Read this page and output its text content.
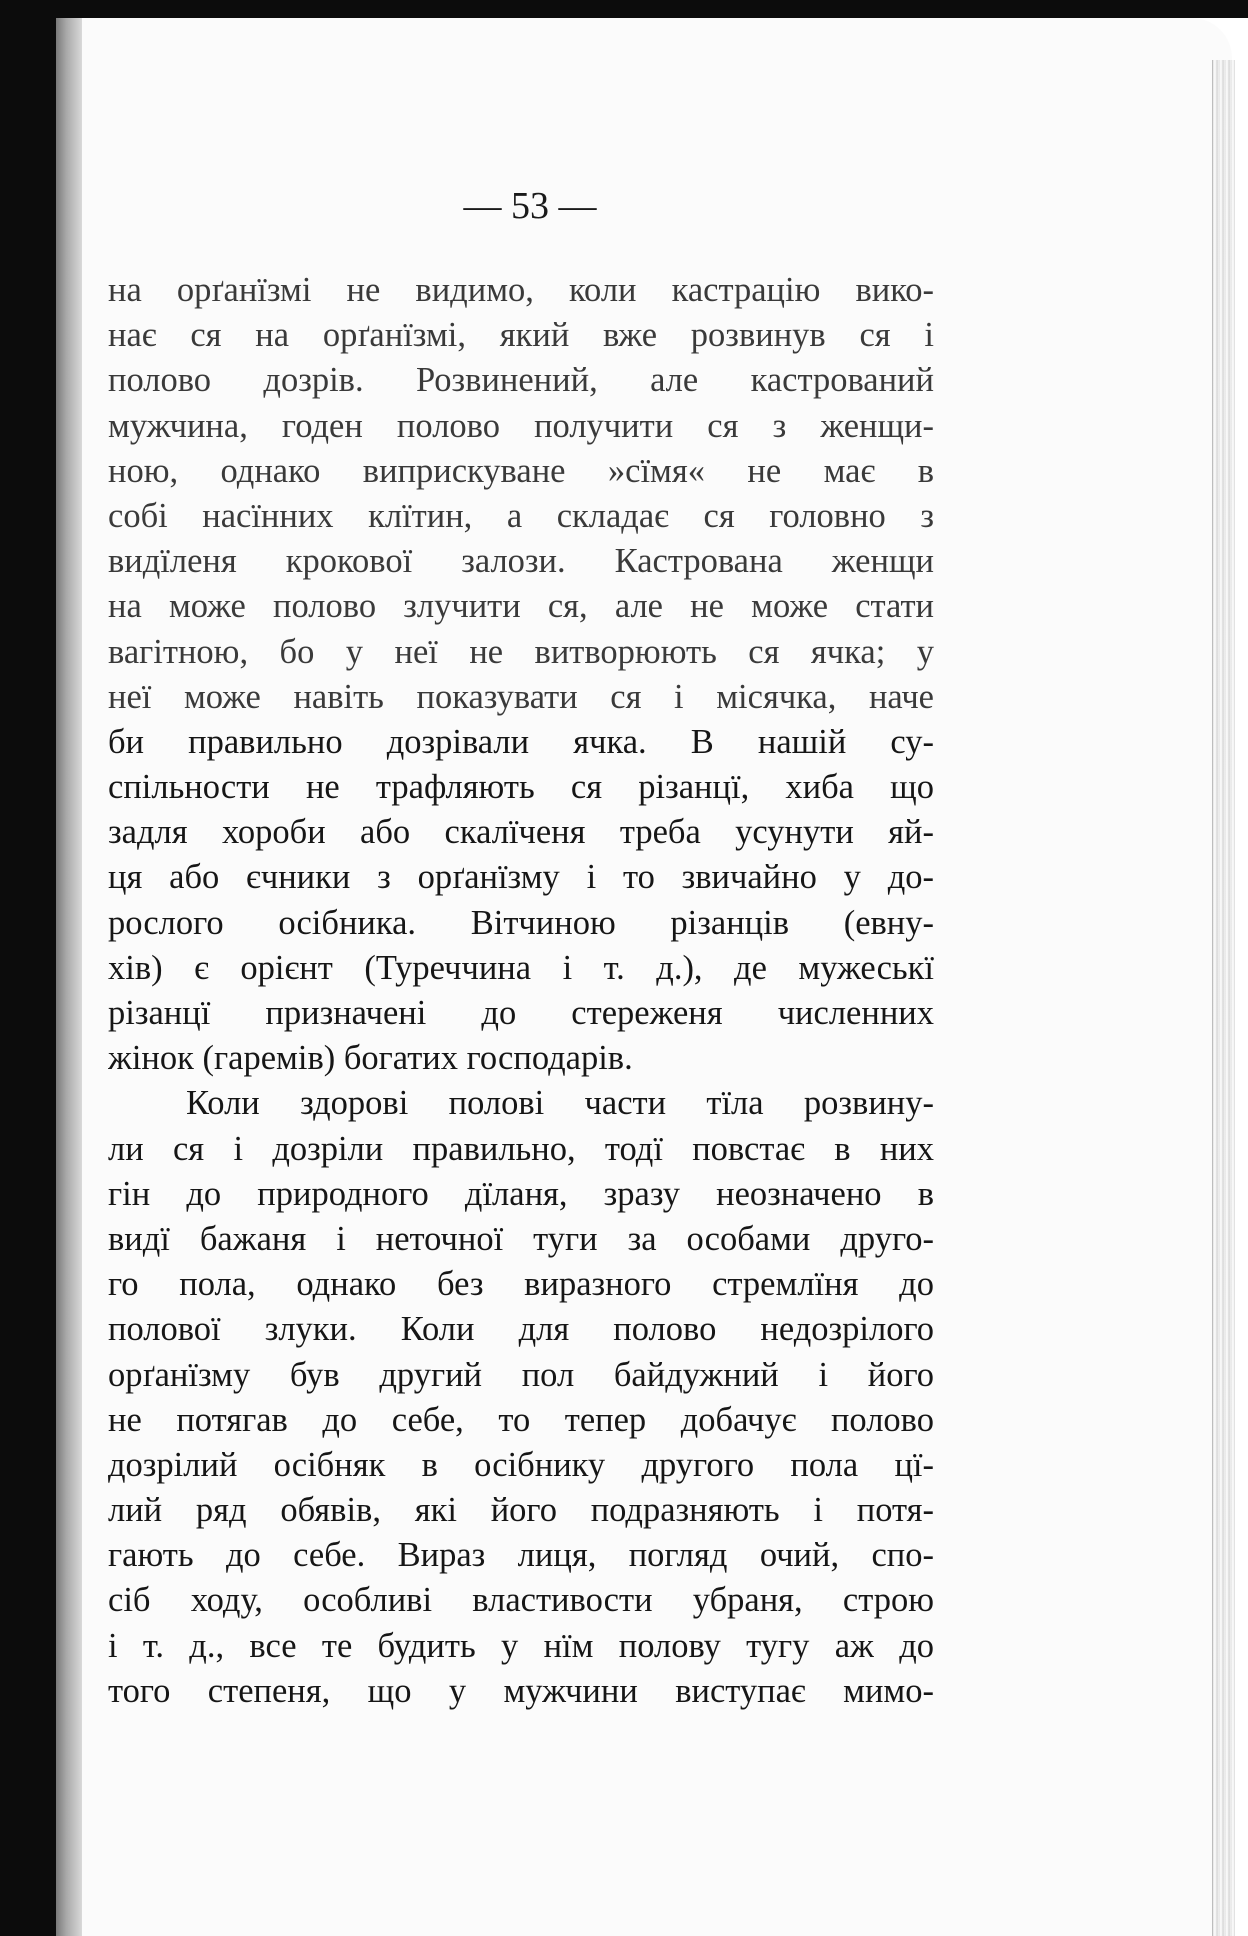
— 53 —
на орґанїзмі не видимо, коли кастрацію вико-
нає ся на орґанїзмі, який вже розвинув ся і
полово дозрів. Розвинений, але кастрований
мужчина, годен полово получити ся з женщи-
ною, однако виприскуване »сїмя« не має в
собі насїнних клїтин, а складає ся головно з
видїленя крокової залози. Кастрована женщи
на може полово злучити ся, але не може стати
вагітною, бо у неї не витворюють ся ячка; у
неї може навіть показувати ся і місячка, наче
би правильно дозрівали ячка. В нашій су-
спільности не трафляють ся різанцї, хиба що
задля хороби або скалїченя треба усунути яй-
ця або єчники з орґанїзму і то звичайно у до-
рослого осібника. Вітчиною різанців (евну-
хів) є орієнт (Туреччина і т. д.), де мужеськї
різанцї призначені до стереженя численних
жінок (гаремів) богатих господарів.
Коли здорові полові части тїла розвину-
ли ся і дозріли правильно, тодї повстає в них
гін до природного дїланя, зразу неозначено в
видї бажаня і неточної туги за особами друго-
го пола, однако без виразного стремлїня до
полової злуки. Коли для полово недозрілого
орґанїзму був другий пол байдужний і його
не потягав до себе, то тепер добачує полово
дозрілий осібняк в осібнику другого пола цї-
лий ряд обявів, які його подразняють і потя-
гають до себе. Вираз лиця, погляд очий, спо-
сіб ходу, особливі властивости убраня, строю
і т. д., все те будить у нїм полову тугу аж до
того степеня, що у мужчини виступає мимо-
